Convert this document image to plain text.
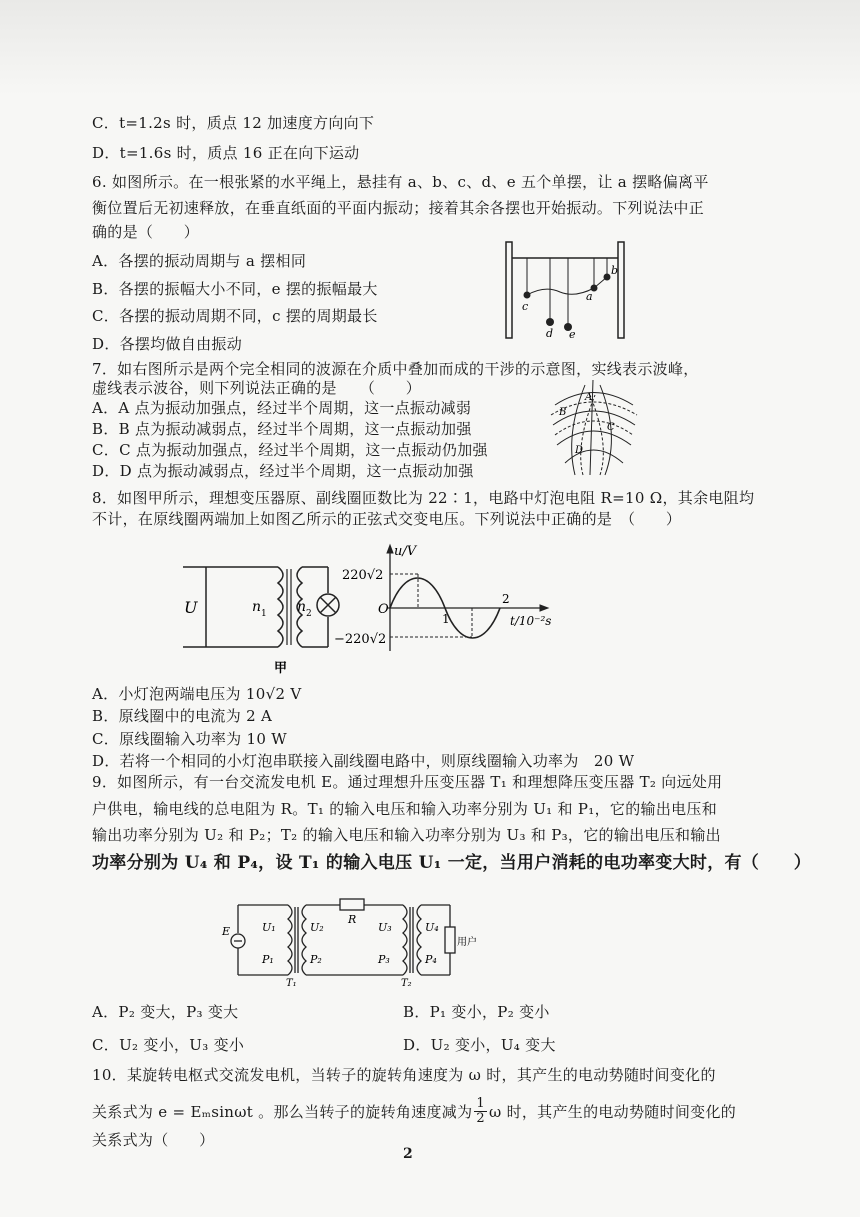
C．t=1.2s 时，质点 12 加速度方向向下
D．t=1.6s 时，质点 16 正在向下运动
6. 如图所示。在一根张紧的水平绳上，悬挂有 a、b、c、d、e 五个单摆，让 a 摆略偏离平
衡位置后无初速释放，在垂直纸面的平面内振动；接着其余各摆也开始振动。下列说法中正
确的是（　　）
A．各摆的振动周期与 a 摆相同
B．各摆的振幅大小不同，e 摆的振幅最大
C．各摆的振动周期不同，c 摆的周期最长
D．各摆均做自由振动
c
d e
a
b
7．如右图所示是两个完全相同的波源在介质中叠加而成的干涉的示意图，实线表示波峰，
虚线表示波谷，则下列说法正确的是　　（　　）
A．A 点为振动加强点，经过半个周期，这一点振动减弱
B．B 点为振动减弱点，经过半个周期，这一点振动加强
C．C 点为振动加强点，经过半个周期，这一点振动仍加强
D．D 点为振动减弱点，经过半个周期，这一点振动加强
B
A
C
D
8．如图甲所示，理想变压器原、副线圈匝数比为 22∶1，电路中灯泡电阻 R=10 Ω，其余电阻均
不计，在原线圈两端加上如图乙所示的正弦式交变电压。下列说法中正确的是　（　　）
U	n 1 n 2
甲
u/V
220√2
−220√2
O
1
2
t/10⁻²s
A．小灯泡两端电压为 10√2 V
B．原线圈中的电流为 2 A
C．原线圈输入功率为 10 W
D．若将一个相同的小灯泡串联接入副线圈电路中，则原线圈输入功率为　20 W
9．如图所示，有一台交流发电机 E。通过理想升压变压器 T₁ 和理想降压变压器 T₂ 向远处用
户供电，输电线的总电阻为 R。T₁ 的输入电压和输入功率分别为 U₁ 和 P₁，它的输出电压和
输出功率分别为 U₂ 和 P₂；T₂ 的输入电压和输入功率分别为 U₃ 和 P₃，它的输出电压和输出
功率分别为 U₄ 和 P₄，设 T₁ 的输入电压 U₁ 一定，当用户消耗的电功率变大时，有（　　）
E	U₁	U₂
R
U₃	U₄
P₁	P₂	P₃	P₄
T₁	T₂
用户
A．P₂ 变大，P₃ 变大	B．P₁ 变小，P₂ 变小
C．U₂ 变小，U₃ 变小	D．U₂ 变小，U₄ 变大
10．某旋转电枢式交流发电机，当转子的旋转角速度为 ω 时，其产生的电动势随时间变化的
关系式为 e = Eₘsinωt 。那么当转子的旋转角速度减为 $\frac{1}{2}$ ω 时，其产生的电动势随时间变化的
关系式为（　　）
2
